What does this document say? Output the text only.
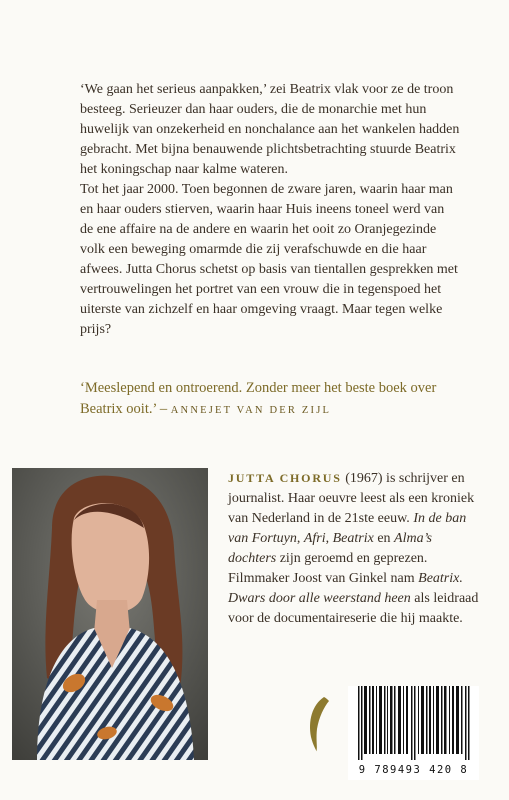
‘We gaan het serieus aanpakken,’ zei Beatrix vlak voor ze de troon besteeg. Serieuzer dan haar ouders, die de monarchie met hun huwelijk van onzekerheid en nonchalance aan het wankelen hadden gebracht. Met bijna benauwende plichtsbetrachting stuurde Beatrix het koningschap naar kalme wateren.

Tot het jaar 2000. Toen begonnen de zware jaren, waarin haar man en haar ouders stierven, waarin haar Huis ineens toneel werd van de ene affaire na de andere en waarin het ooit zo Oranjegezinde volk een beweging omarmde die zij verafschuwde en die haar afwees. Jutta Chorus schetst op basis van tientallen gesprekken met vertrouwelingen het portret van een vrouw die in tegenspoed het uiterste van zichzelf en haar omgeving vraagt. Maar tegen welke prijs?

‘Meeslepend en ontroerend. Zonder meer het beste boek over Beatrix ooit.’ – ANNEJET VAN DER ZIJL

JUTTA CHORUS (1967) is schrijver en journalist. Haar oeuvre leest als een kroniek van Nederland in de 21ste eeuw. In de ban van Fortuyn, Afri, Beatrix en Alma’s dochters zijn geroemd en geprezen. Filmmaker Joost van Ginkel nam Beatrix. Dwars door alle weerstand heen als leidraad voor de documentaireserie die hij maakte.

9 789493 420 8
